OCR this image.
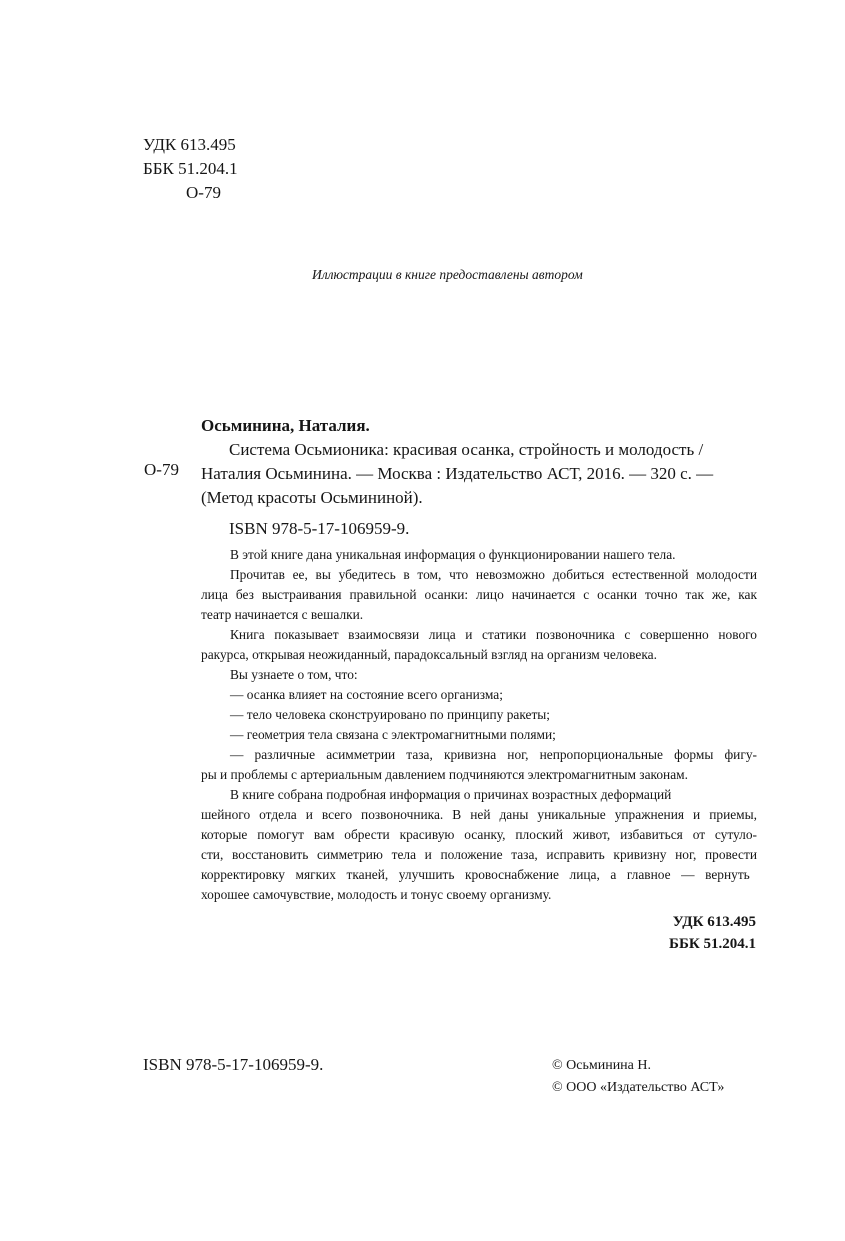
УДК 613.495
ББК 51.204.1
О-79
Иллюстрации в книге предоставлены автором
О-79
Осьминина, Наталия.
Система Осьмионика: красивая осанка, стройность и молодость /
Наталия Осьминина. — Москва : Издательство АСТ, 2016. — 320 с. —
(Метод красоты Осьмининой).
ISBN 978-5-17-106959-9.
В этой книге дана уникальная информация о функционировании нашего тела.
Прочитав ее, вы убедитесь в том, что невозможно добиться естественной молодости
лица без выстраивания правильной осанки: лицо начинается с осанки точно так же, как
театр начинается с вешалки.
Книга показывает взаимосвязи лица и статики позвоночника с совершенно нового
ракурса, открывая неожиданный, парадоксальный взгляд на организм человека.
Вы узнаете о том, что:
— осанка влияет на состояние всего организма;
— тело человека сконструировано по принципу ракеты;
— геометрия тела связана с электромагнитными полями;
— различные асимметрии таза, кривизна ног, непропорциональные формы фигу-
ры и проблемы с артериальным давлением подчиняются электромагнитным законам.
В книге собрана подробная информация о причинах возрастных деформаций
шейного отдела и всего позвоночника. В ней даны уникальные упражнения и приемы,
которые помогут вам обрести красивую осанку, плоский живот, избавиться от сутуло-
сти, восстановить симметрию тела и положение таза, исправить кривизну ног, провести
корректировку мягких тканей, улучшить кровоснабжение лица, а главное — вернуть
хорошее самочувствие, молодость и тонус своему организму.
УДК 613.495
ББК 51.204.1
ISBN 978-5-17-106959-9.	© Осьминина Н.
© ООО «Издательство АСТ»
